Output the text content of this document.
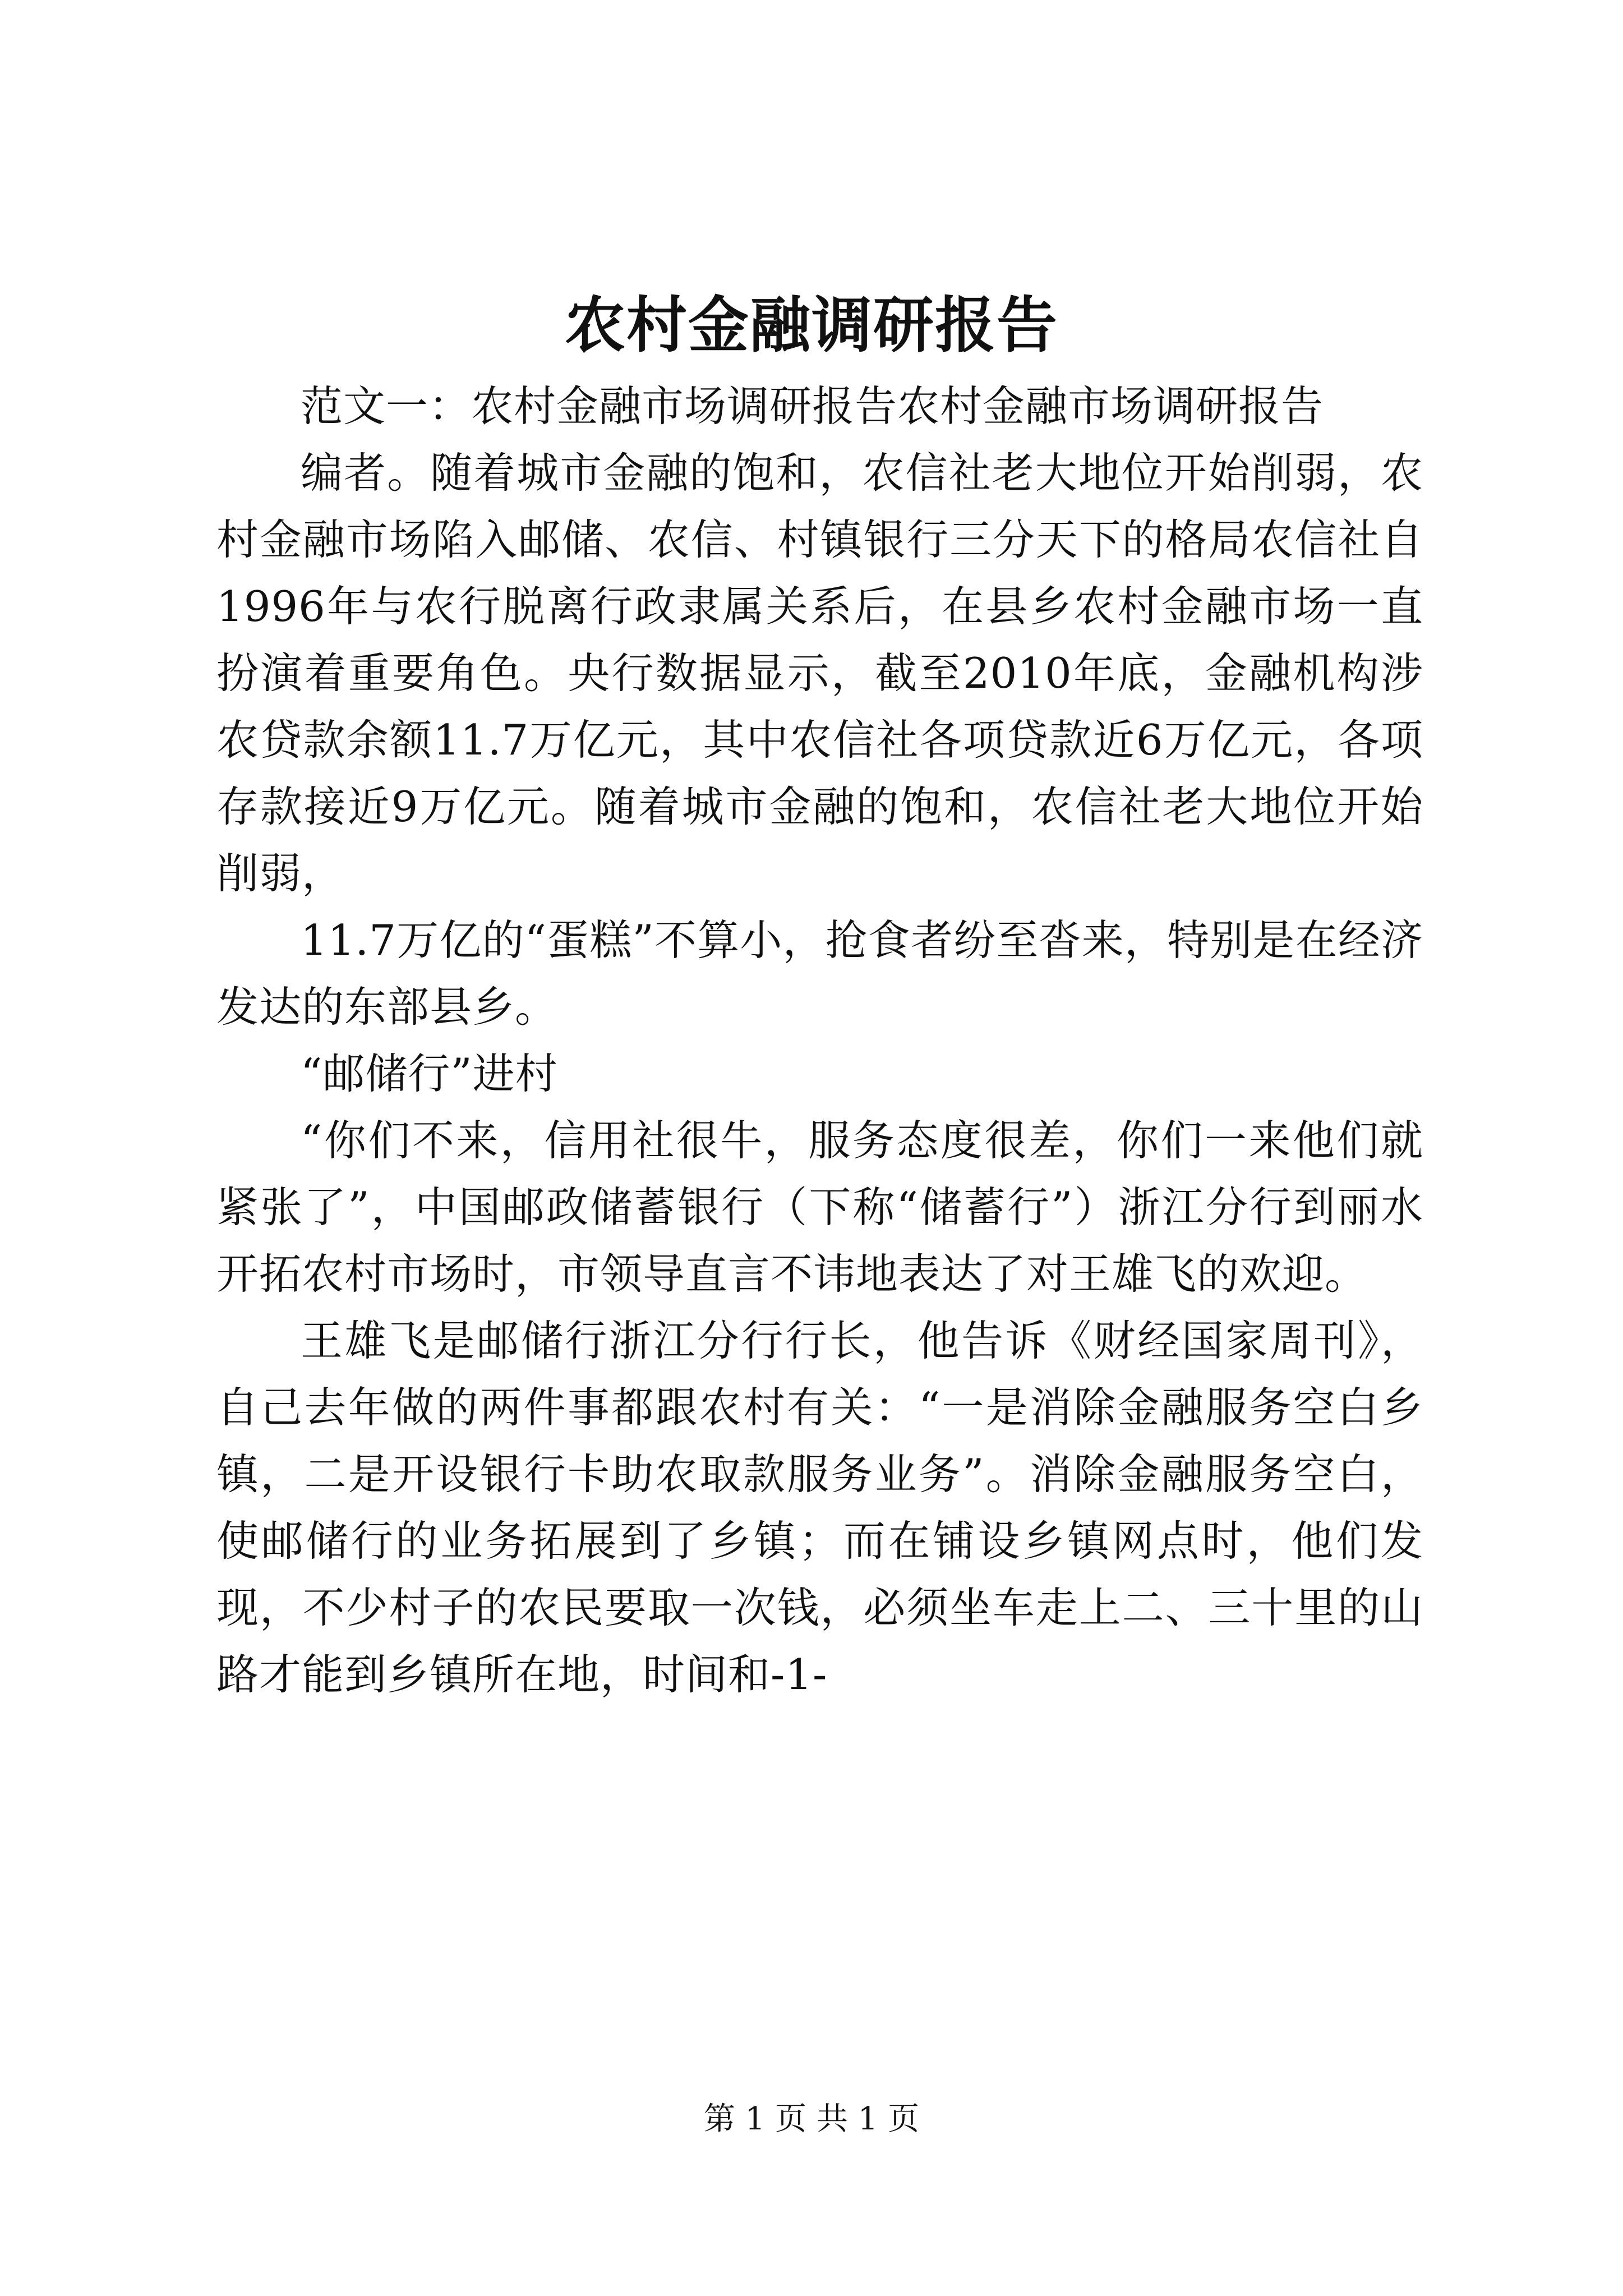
农村金融调研报告

范文一：农村金融市场调研报告农村金融市场调研报告

编者。随着城市金融的饱和，农信社老大地位开始削弱，农村金融市场陷入邮储、农信、村镇银行三分天下的格局农信社自1996年与农行脱离行政隶属关系后，在县乡农村金融市场一直扮演着重要角色。央行数据显示，截至2010年底，金融机构涉农贷款余额11.7万亿元，其中农信社各项贷款近6万亿元，各项存款接近9万亿元。随着城市金融的饱和，农信社老大地位开始削弱，

11.7万亿的“蛋糕”不算小，抢食者纷至沓来，特别是在经济发达的东部县乡。

“邮储行”进村

“你们不来，信用社很牛，服务态度很差，你们一来他们就紧张了”，中国邮政储蓄银行（下称“储蓄行”）浙江分行到丽水开拓农村市场时，市领导直言不讳地表达了对王雄飞的欢迎。

王雄飞是邮储行浙江分行行长，他告诉《财经国家周刊》，自己去年做的两件事都跟农村有关：“一是消除金融服务空白乡镇，二是开设银行卡助农取款服务业务”。消除金融服务空白，使邮储行的业务拓展到了乡镇；而在铺设乡镇网点时，他们发现，不少村子的农民要取一次钱，必须坐车走上二、三十里的山路才能到乡镇所在地，时间和-1-

第 1 页 共 1 页
